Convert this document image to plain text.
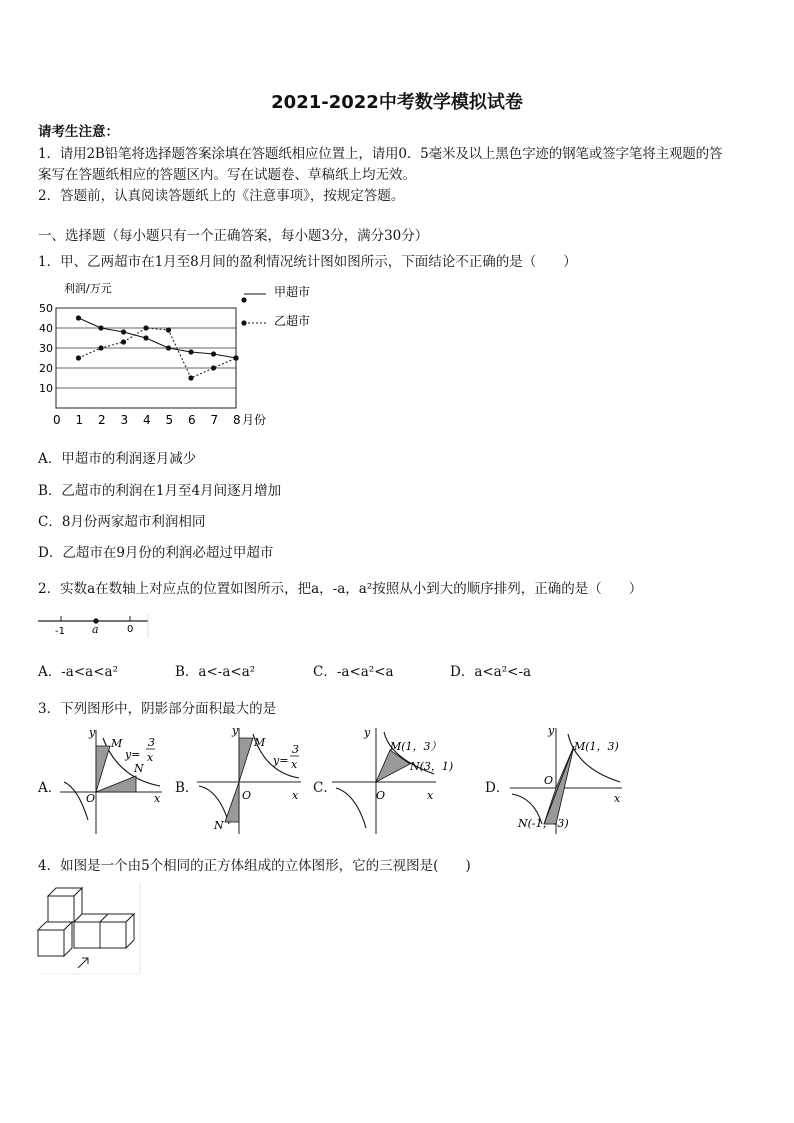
2021-2022中考数学模拟试卷
请考生注意：
1．请用2B铅笔将选择题答案涂填在答题纸相应位置上，请用0．5毫米及以上黑色字迹的钢笔或签字笔将主观题的答
案写在答题纸相应的答题区内。写在试题卷、草稿纸上均无效。
2．答题前，认真阅读答题纸上的《注意事项》，按规定答题。
一、选择题（每小题只有一个正确答案，每小题3分，满分30分）
1．甲、乙两超市在1月至8月间的盈利情况统计图如图所示，下面结论不正确的是（　　）
10
20
30
40
50
0 1 2 3 4 5 6 7 8
利润/万元
月份
甲超市
乙超市
A．甲超市的利润逐月减少
B．乙超市的利润在1月至4月间逐月增加
C．8月份两家超市利润相同
D．乙超市在9月份的利润必超过甲超市
2．实数a在数轴上对应点的位置如图所示，把a，-a，a²按照从小到大的顺序排列，正确的是（　　）
-1 a	0
A．-a<a<a²	B．a<-a<a²	C．-a<a²<a	D．a<a²<-a
3．下列图形中，阴影部分面积最大的是
A．
y
x
O
M
N
y=
3
x
B．
y
x
O
M
N
y=
3
x
C．
y
x
O
M(1，3）
N(3，1)
D．
y
x
O
M(1，3)
N(-1，-3)
4．如图是一个由5个相同的正方体组成的立体图形，它的三视图是(　　)
